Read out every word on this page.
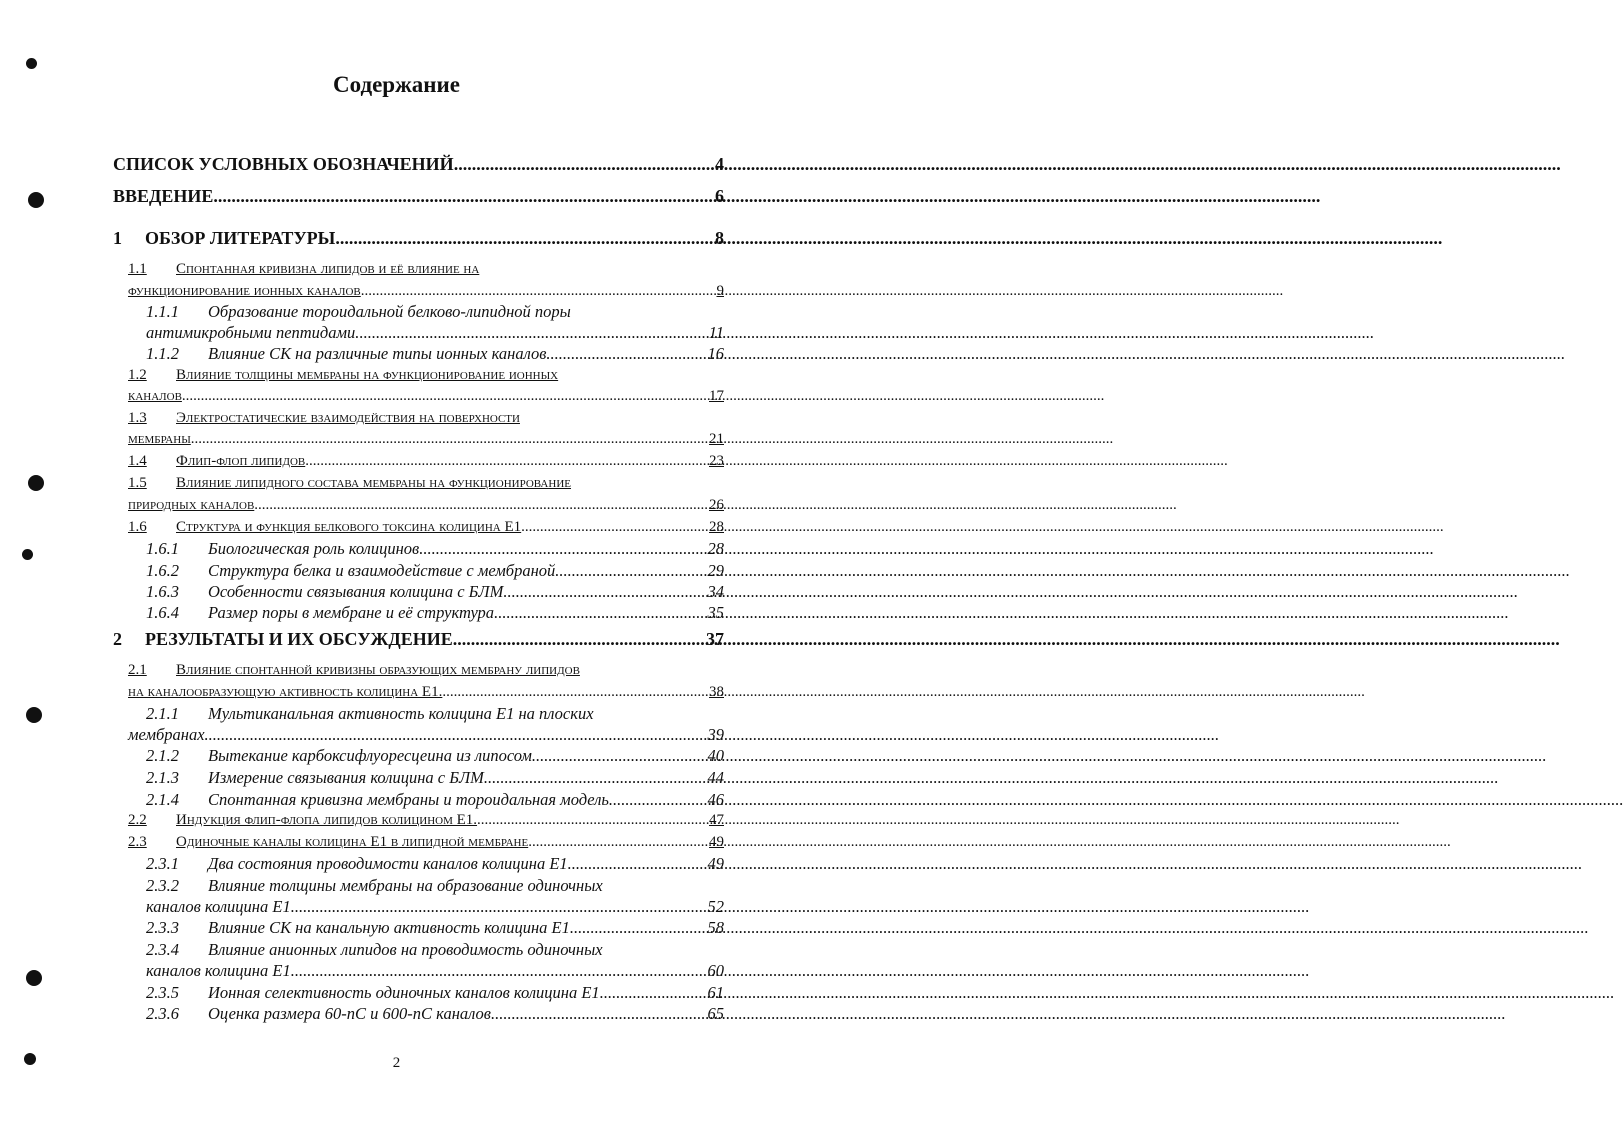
Содержание
СПИСОК УСЛОВНЫХ ОБОЗНАЧЕНИЙ .....	4
ВВЕДЕНИЕ .....	6
1	ОБЗОР ЛИТЕРАТУРЫ .....	8
1.1 Спонтанная кривизна липидов и её влияние на
функционирование ионных каналов .....	9
1.1.1 Образование тороидальной белково-липидной поры
антимикробными пептидами. .....	11
1.1.2	Влияние СК на различные типы ионных каналов. .....	16
1.2 Влияние толщины мембраны на функционирование ионных
каналов .....	17
1.3 Электростатические взаимодействия на поверхности
мембраны .....	21
1.4	Флип-флоп липидов .....	23
1.5 Влияние липидного состава мембраны на функционирование
природных каналов .....	26
1.6	Структура и функция белкового токсина колицина Е1 .....	28
1.6.1	Биологическая роль колицинов .....	28
1.6.2	Структура белка и взаимодействие с мембраной .....	29
1.6.3	Особенности связывания колицина с БЛМ .....	34
1.6.4	Размер поры в мембране и её структура .....	35
2	РЕЗУЛЬТАТЫ И ИХ ОБСУЖДЕНИЕ .....	37
2.1 Влияние спонтанной кривизны образующих мембрану липидов
на каналообразующую активность колицина Е1. .....	38
2.1.1 Мультиканальная активность колицина Е1 на плоских
мембранах .....	39
2.1.2	Вытекание карбоксифлуоресцеина из липосом .....	40
2.1.3	Измерение связывания колицина с БЛМ .....	44
2.1.4	Спонтанная кривизна мембраны и тороидальная модель .....	46
2.2	Индукция флип-флопа липидов колицином Е1. .....	47
2.3	Одиночные каналы колицина Е1 в липидной мембране .....	49
2.3.1	Два состояния проводимости каналов колицина Е1 .....	49
2.3.2 Влияние толщины мембраны на образование одиночных
каналов колицина Е1. .....	52
2.3.3	Влияние СК на канальную активность колицина Е1. .....	58
2.3.4 Влияние анионных липидов на проводимость одиночных
каналов колицина Е1. .....	60
2.3.5	Ионная селективность одиночных каналов колицина Е1 .....	61
2.3.6	Оценка размера 60-пС и 600-пС каналов .....	65
2
